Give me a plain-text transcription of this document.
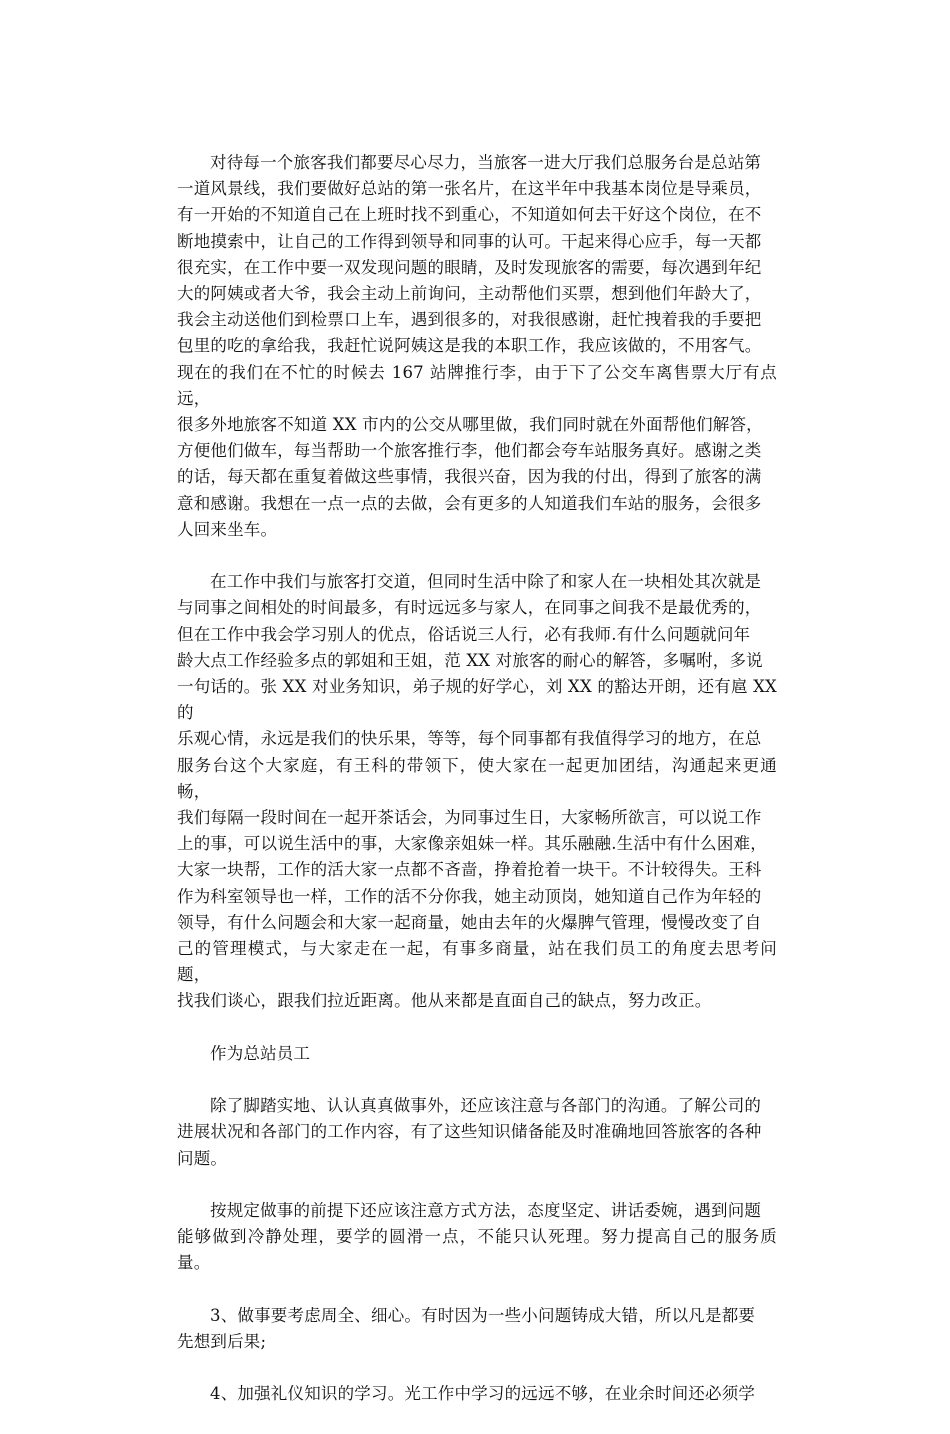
对待每一个旅客我们都要尽心尽力，当旅客一进大厅我们总服务台是总站第
一道风景线，我们要做好总站的第一张名片，在这半年中我基本岗位是导乘员，
有一开始的不知道自己在上班时找不到重心，不知道如何去干好这个岗位，在不
断地摸索中，让自己的工作得到领导和同事的认可。干起来得心应手，每一天都
很充实，在工作中要一双发现问题的眼睛，及时发现旅客的需要，每次遇到年纪
大的阿姨或者大爷，我会主动上前询问，主动帮他们买票，想到他们年龄大了，
我会主动送他们到检票口上车，遇到很多的，对我很感谢，赶忙拽着我的手要把
包里的吃的拿给我，我赶忙说阿姨这是我的本职工作，我应该做的，不用客气。
现在的我们在不忙的时候去 167 站牌推行李，由于下了公交车离售票大厅有点远，
很多外地旅客不知道 XX 市内的公交从哪里做，我们同时就在外面帮他们解答，
方便他们做车，每当帮助一个旅客推行李，他们都会夸车站服务真好。感谢之类
的话，每天都在重复着做这些事情，我很兴奋，因为我的付出，得到了旅客的满
意和感谢。我想在一点一点的去做，会有更多的人知道我们车站的服务，会很多
人回来坐车。

在工作中我们与旅客打交道，但同时生活中除了和家人在一块相处其次就是
与同事之间相处的时间最多，有时远远多与家人，在同事之间我不是最优秀的，
但在工作中我会学习别人的优点，俗话说三人行，必有我师.有什么问题就问年
龄大点工作经验多点的郭姐和王姐，范 XX 对旅客的耐心的解答，多嘱咐，多说
一句话的。张 XX 对业务知识，弟子规的好学心，刘 XX 的豁达开朗，还有扈 XX 的
乐观心情，永远是我们的快乐果，等等，每个同事都有我值得学习的地方，在总
服务台这个大家庭，有王科的带领下，使大家在一起更加团结，沟通起来更通畅，
我们每隔一段时间在一起开茶话会，为同事过生日，大家畅所欲言，可以说工作
上的事，可以说生活中的事，大家像亲姐妹一样。其乐融融.生活中有什么困难，
大家一块帮，工作的活大家一点都不吝啬，挣着抢着一块干。不计较得失。王科
作为科室领导也一样，工作的活不分你我，她主动顶岗，她知道自己作为年轻的
领导，有什么问题会和大家一起商量，她由去年的火爆脾气管理，慢慢改变了自
己的管理模式，与大家走在一起，有事多商量，站在我们员工的角度去思考问题，
找我们谈心，跟我们拉近距离。他从来都是直面自己的缺点，努力改正。

作为总站员工

除了脚踏实地、认认真真做事外，还应该注意与各部门的沟通。了解公司的
进展状况和各部门的工作内容，有了这些知识储备能及时准确地回答旅客的各种
问题。

按规定做事的前提下还应该注意方式方法，态度坚定、讲话委婉，遇到问题
能够做到冷静处理，要学的圆滑一点，不能只认死理。努力提高自己的服务质量。

3、做事要考虑周全、细心。有时因为一些小问题铸成大错，所以凡是都要
先想到后果;

4、加强礼仪知识的学习。光工作中学习的远远不够，在业余时间还必须学
